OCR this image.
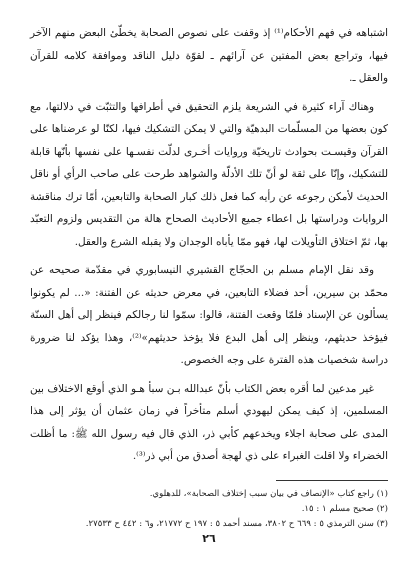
اشتباهه في فهم الأحكام⁽¹⁾ إذ وقفت على نصوص الصحابة يخطّئ البعض منهم الآخر فيها، وتراجع بعض المفتين عن آرائهم ـ لقوّة دليل الناقد وموافقة كلامه للقرآن والعقل ـ.

وهناك آراء كثيرة في الشريعة يلزم التحقيق في أطرافها والتثبّت في دلالتها، مع كون بعضها من المسلّمات البدهيّة والتي لا يمكن التشكيك فيها، لكنّا لو عرضناها على القرآن وقيسـت بحوادث تاريخيّة وروايات أخـرى لدلّت نفسـها على نفسها بأنّها قابلة للتشكيك، وإنّا على ثقة لو أنّ تلك الأدلّة والشواهد طرحت على صاحب الرأي أو ناقل الحديث لأمكن رجوعه عن رأيه كما فعل ذلك كبار الصحابة والتابعين، أمّا ترك مناقشة الروايات ودراستها بل اعطاء جميع الأحاديث الصحاح هالة من التقديس ولزوم التعبّد بها، ثمّ اختلاق التأويلات لها، فهو ممّا يأباه الوجدان ولا يقبله الشرع والعقل.

وقد نقل الإمام مسلم بن الحجّاج القشيري النيسابوري في مقدّمة صحيحه عن محمّد بن سيرين، أحد فضلاء التابعين، في معرض حديثه عن الفتنة: «... لم يكونوا يسألون عن الإسناد فلمّا وقعت الفتنة، قالوا: سمّوا لنا رجالكم فينظر إلى أهل السنّة فيؤخذ حديثهم، وينظر إلى أهل البدع فلا يؤخذ حديثهم»⁽²⁾، وهذا يؤكد لنا ضرورة دراسة شخصيات هذه الفترة على وجه الخصوص.

غير مدعين لما أقره بعض الكتاب بأنّ عبدالله بـن سبأ هـو الذي أوقع الاختلاف بين المسلمين، إذ كيف يمكن ليهودي أسلم متأخراً في زمان عثمان أن يؤثر إلى هذا المدى على صحابة اجلاء ويخدعهم كأبي ذر، الذي قال فيه رسول الله ﷺ: ما أظلت الخضراء ولا اقلت الغبراء على ذي لهجة أصدق من أبي ذر⁽³⁾.

(١) راجع كتاب «الإنصاف في بيان سبب إختلاف الصحابة»، للدهلوي.

(٢) صحيح مسلم ١ : ١٥.

(٣) سنن الترمذي ٥ : ٦٦٩ ح ٣٨٠٢، مسند أحمد ٥ : ١٩٧ ح ٢١٧٧٢، و٦ : ٤٤٢ ح ٢٧٥٣٣.

٢٦
